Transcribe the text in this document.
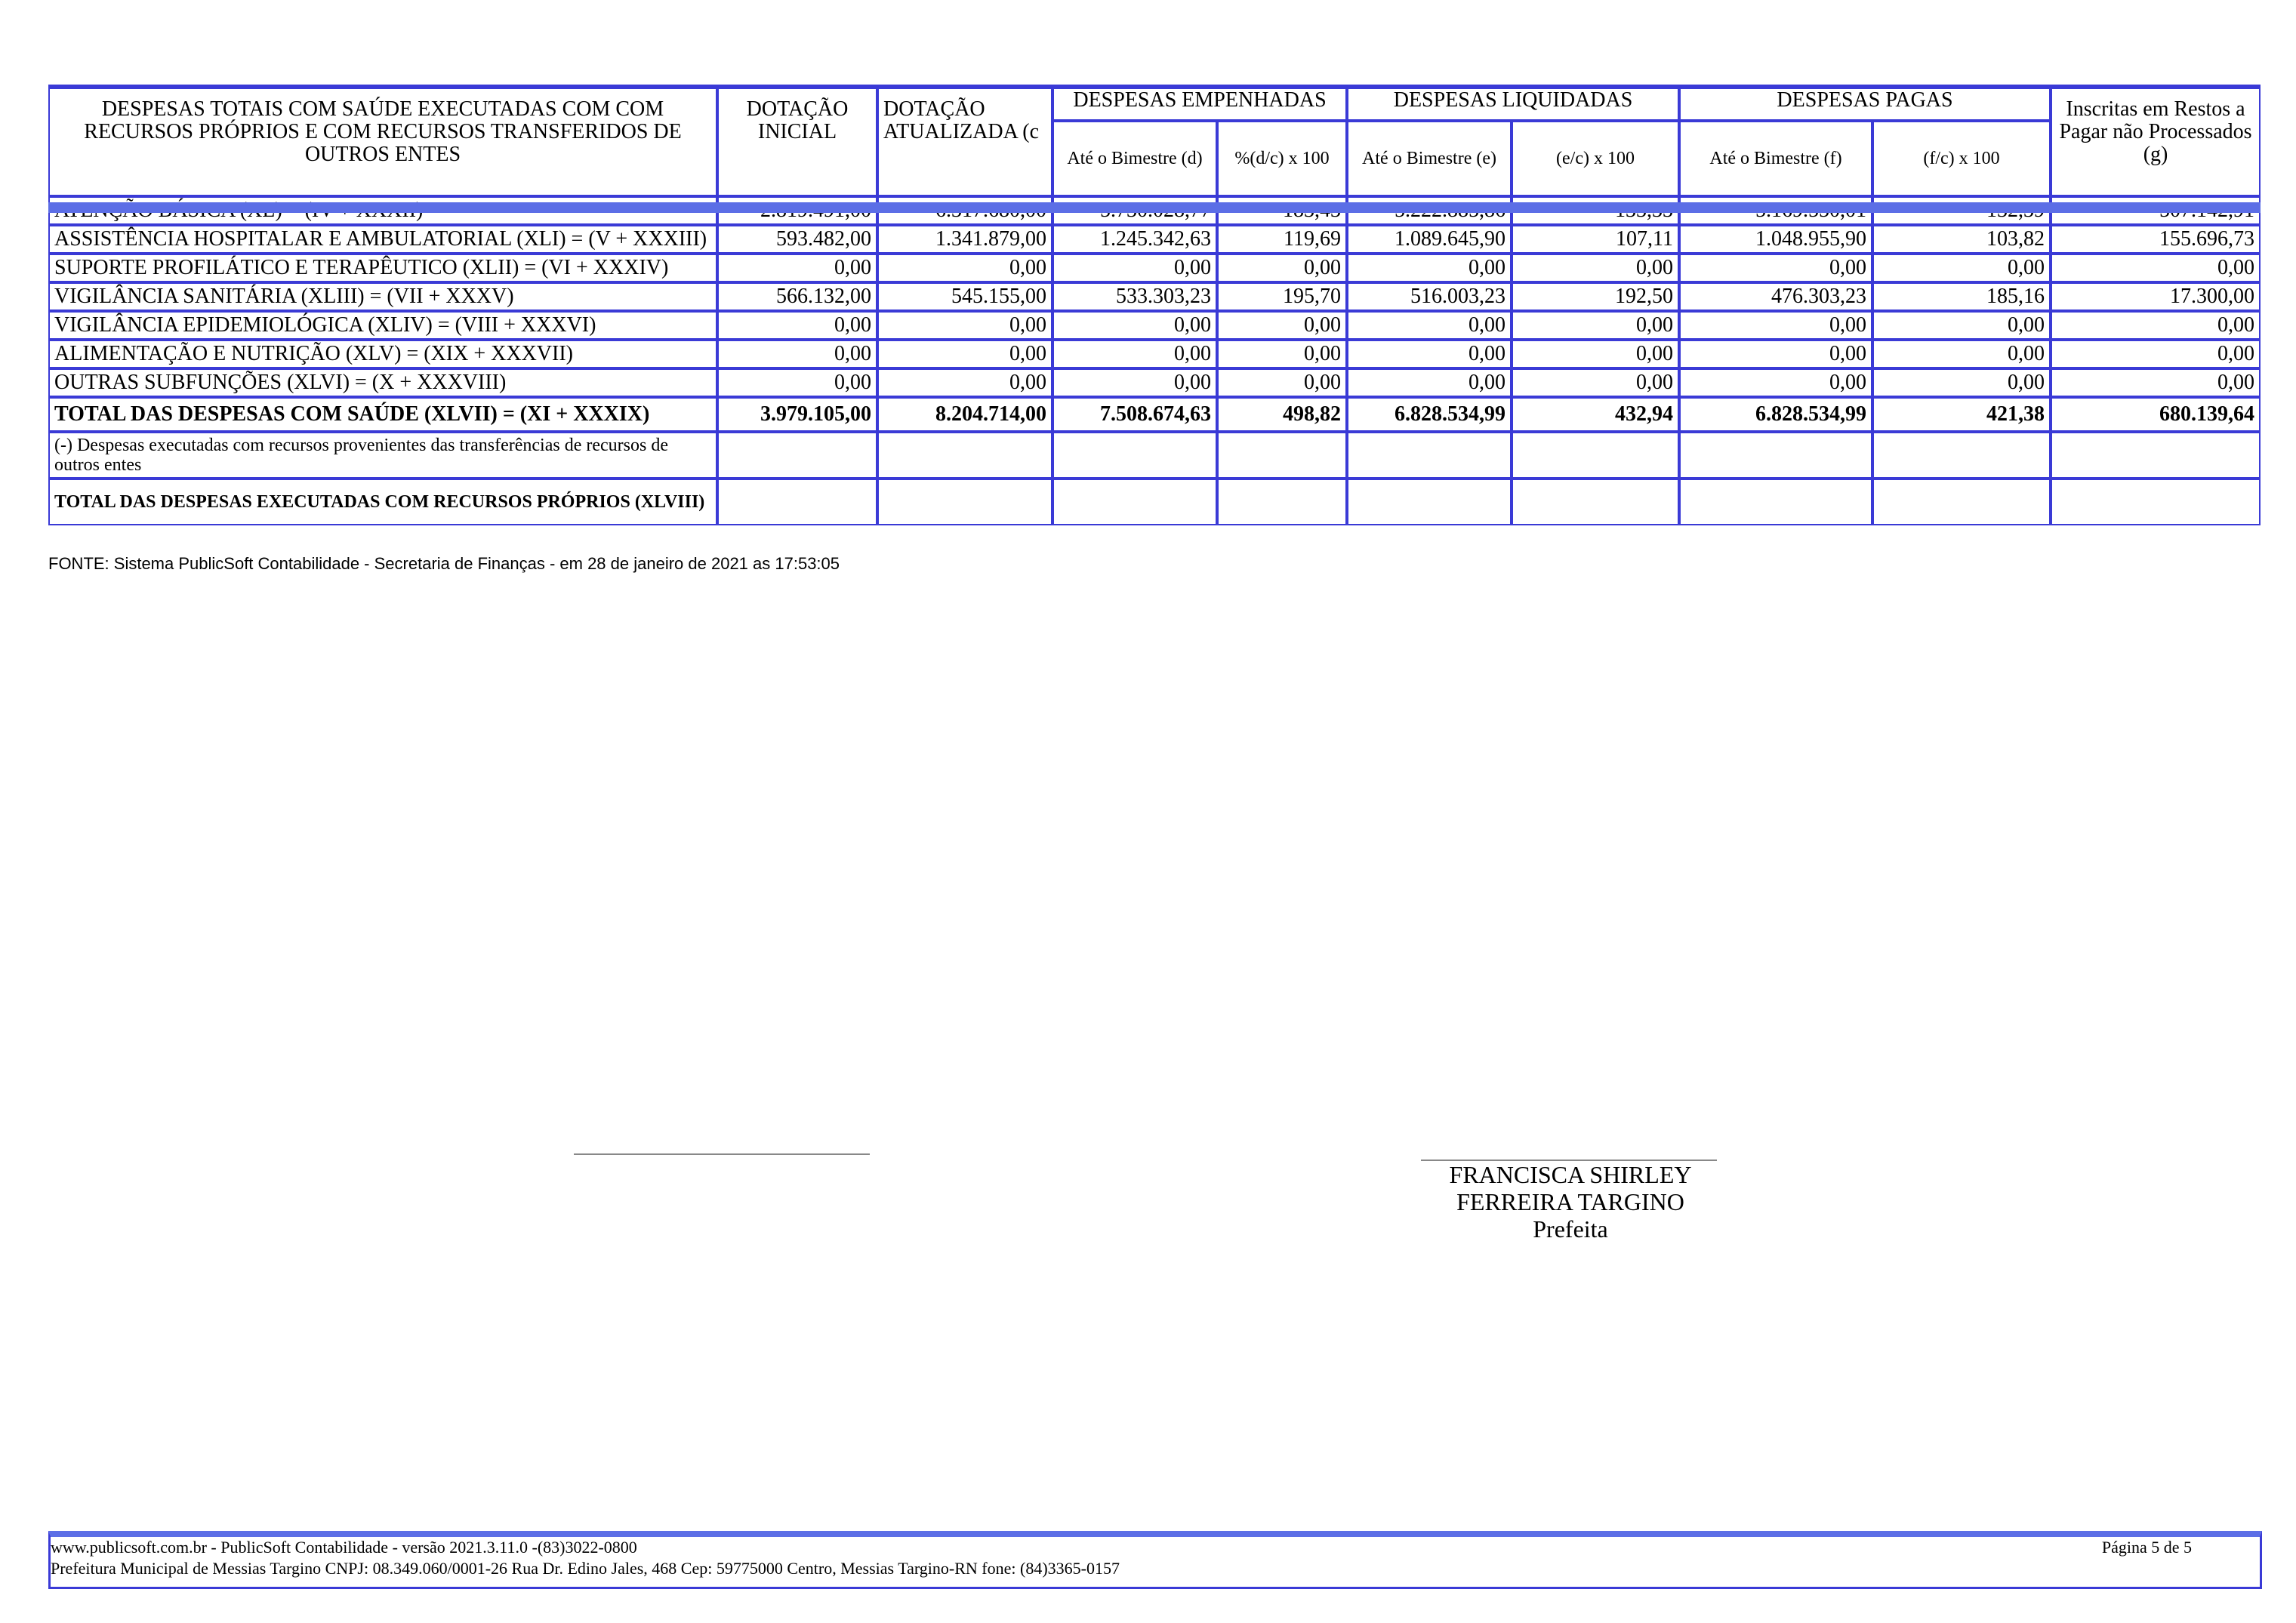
DESPESAS TOTAIS COM SAÚDE EXECUTADAS COM COM RECURSOS PRÓPRIOS E COM RECURSOS TRANSFERIDOS DE OUTROS ENTES	DOTAÇÃO INICIAL	DOTAÇÃO ATUALIZADA (c	DESPESAS EMPENHADAS		DESPESAS LIQUIDADAS		DESPESAS PAGAS		Inscritas em Restos a Pagar não Processados (g)
			Até o Bimestre (d)	%(d/c) x 100	Até o Bimestre (e)	(e/c) x 100	Até o Bimestre (f)	(f/c) x 100	

ASSISTÊNCIA HOSPITALAR E AMBULATORIAL (XLI) = (V + XXXIII)	593.482,00	1.341.879,00	1.245.342,63	119,69	1.089.645,90	107,11	1.048.955,90	103,82	155.696,73
SUPORTE PROFILÁTICO E TERAPÊUTICO (XLII) = (VI + XXXIV)	0,00	0,00	0,00	0,00	0,00	0,00	0,00	0,00	0,00
VIGILÂNCIA SANITÁRIA (XLIII) = (VII + XXXV)	566.132,00	545.155,00	533.303,23	195,70	516.003,23	192,50	476.303,23	185,16	17.300,00
VIGILÂNCIA EPIDEMIOLÓGICA (XLIV) = (VIII + XXXVI)	0,00	0,00	0,00	0,00	0,00	0,00	0,00	0,00	0,00
ALIMENTAÇÃO E NUTRIÇÃO (XLV) = (XIX + XXXVII)	0,00	0,00	0,00	0,00	0,00	0,00	0,00	0,00	0,00
OUTRAS SUBFUNÇÕES (XLVI) = (X + XXXVIII)	0,00	0,00	0,00	0,00	0,00	0,00	0,00	0,00	0,00
TOTAL DAS DESPESAS COM SAÚDE (XLVII) = (XI + XXXIX)	3.979.105,00	8.204.714,00	7.508.674,63	498,82	6.828.534,99	432,94	6.828.534,99	421,38	680.139,64
(-) Despesas executadas com recursos provenientes das transferências de recursos de outros entes									
TOTAL DAS DESPESAS EXECUTADAS COM RECURSOS PRÓPRIOS (XLVIII)									
FONTE: Sistema PublicSoft Contabilidade - Secretaria de Finanças - em 28 de janeiro de 2021 as 17:53:05
FRANCISCA SHIRLEY
FERREIRA TARGINO
Prefeita
www.publicsoft.com.br - PublicSoft Contabilidade - versão 2021.3.11.0 -(83)3022-0800
Prefeitura Municipal de Messias Targino CNPJ: 08.349.060/0001-26 Rua Dr. Edino Jales, 468 Cep: 59775000 Centro, Messias Targino-RN fone: (84)3365-0157
Página 5 de 5
